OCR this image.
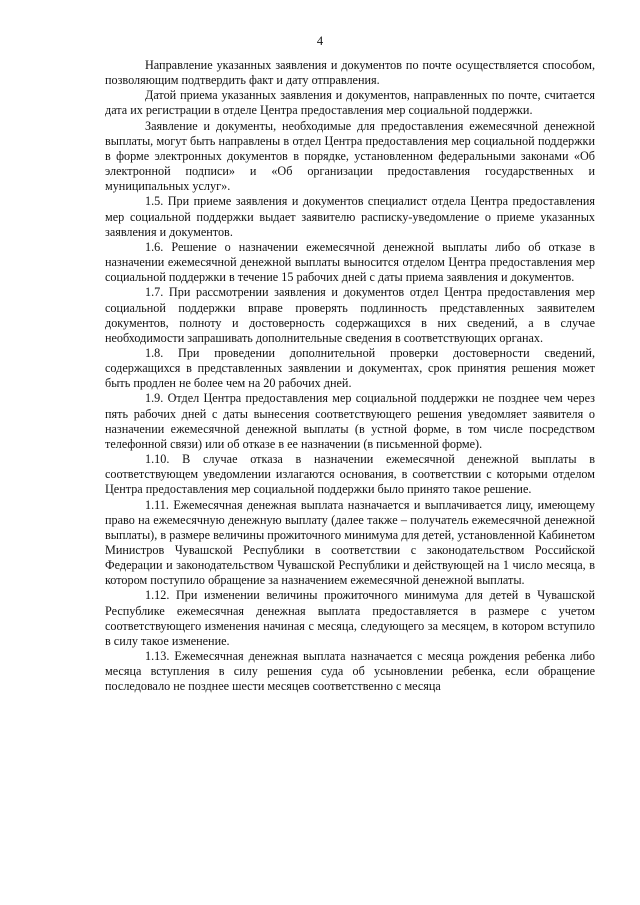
4

Направление указанных заявления и документов по почте осуществляется способом, позволяющим подтвердить факт и дату отправления.

Датой приема указанных заявления и документов, направленных по почте, считается дата их регистрации в отделе Центра предоставления мер социальной поддержки.

Заявление и документы, необходимые для предоставления ежемесячной денежной выплаты, могут быть направлены в отдел Центра предоставления мер социальной поддержки в форме электронных документов в порядке, установленном федеральными законами «Об электронной подписи» и «Об организации предоставления государственных и муниципальных услуг».

1.5. При приеме заявления и документов специалист отдела Центра предоставления мер социальной поддержки выдает заявителю расписку-уведомление о приеме указанных заявления и документов.

1.6. Решение о назначении ежемесячной денежной выплаты либо об отказе в назначении ежемесячной денежной выплаты выносится отделом Центра предоставления мер социальной поддержки в течение 15 рабочих дней с даты приема заявления и документов.

1.7. При рассмотрении заявления и документов отдел Центра предоставления мер социальной поддержки вправе проверять подлинность представленных заявителем документов, полноту и достоверность содержащихся в них сведений, а в случае необходимости запрашивать дополнительные сведения в соответствующих органах.

1.8. При проведении дополнительной проверки достоверности сведений, содержащихся в представленных заявлении и документах, срок принятия решения может быть продлен не более чем на 20 рабочих дней.

1.9. Отдел Центра предоставления мер социальной поддержки не позднее чем через пять рабочих дней с даты вынесения соответствующего решения уведомляет заявителя о назначении ежемесячной денежной выплаты (в устной форме, в том числе посредством телефонной связи) или об отказе в ее назначении (в письменной форме).

1.10. В случае отказа в назначении ежемесячной денежной выплаты в соответствующем уведомлении излагаются основания, в соответствии с которыми отделом Центра предоставления мер социальной поддержки было принято такое решение.

1.11. Ежемесячная денежная выплата назначается и выплачивается лицу, имеющему право на ежемесячную денежную выплату (далее также – получатель ежемесячной денежной выплаты), в размере величины прожиточного минимума для детей, установленной Кабинетом Министров Чувашской Республики в соответствии с законодательством Российской Федерации и законодательством Чувашской Республики и действующей на 1 число месяца, в котором поступило обращение за назначением ежемесячной денежной выплаты.

1.12. При изменении величины прожиточного минимума для детей в Чувашской Республике ежемесячная денежная выплата предоставляется в размере с учетом соответствующего изменения начиная с месяца, следующего за месяцем, в котором вступило в силу такое изменение.

1.13. Ежемесячная денежная выплата назначается с месяца рождения ребенка либо месяца вступления в силу решения суда об усыновлении ребенка, если обращение последовало не позднее шести месяцев соответственно с месяца
